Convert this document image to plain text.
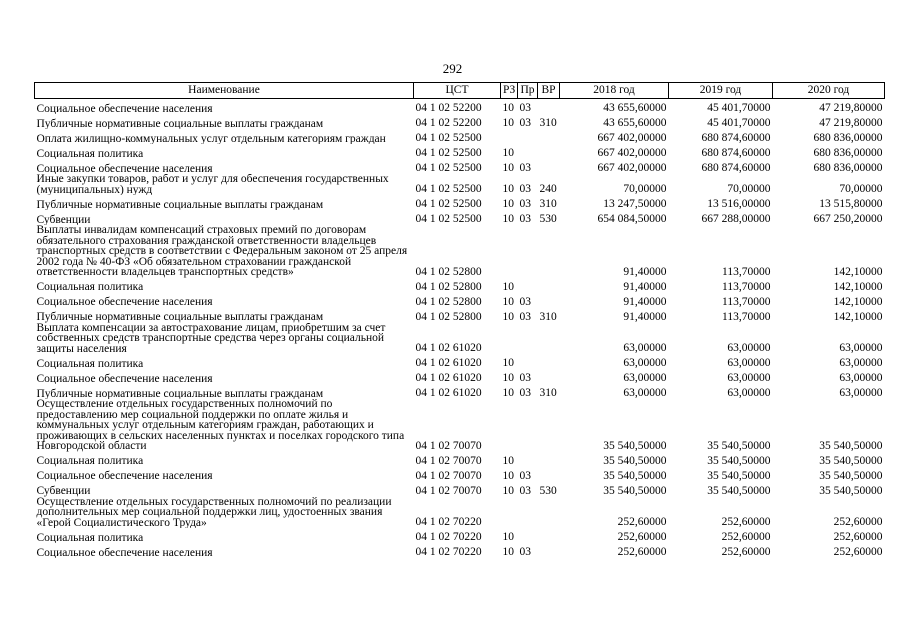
292
Наименование	ЦСТ	РЗ	Пр	ВР	2018 год	2019 год	2020 год
Социальное обеспечение населения	04 1 02 52200	10	03		43 655,60000	45 401,70000	47 219,80000
Публичные нормативные социальные выплаты гражданам	04 1 02 52200	10	03	310	43 655,60000	45 401,70000	47 219,80000
Оплата жилищно-коммунальных услуг отдельным категориям граждан	04 1 02 52500				667 402,00000	680 874,60000	680 836,00000
Социальная политика	04 1 02 52500	10			667 402,00000	680 874,60000	680 836,00000
Социальное обеспечение населения	04 1 02 52500	10	03		667 402,00000	680 874,60000	680 836,00000
Иные закупки товаров, работ и услуг для обеспечения государственных (муниципальных) нужд	04 1 02 52500	10	03	240	70,00000	70,00000	70,00000
Публичные нормативные социальные выплаты гражданам	04 1 02 52500	10	03	310	13 247,50000	13 516,00000	13 515,80000
Субвенции	04 1 02 52500	10	03	530	654 084,50000	667 288,00000	667 250,20000
Выплаты инвалидам компенсаций страховых премий по договорам обязательного страхования гражданской ответственности владельцев транспортных средств в соответствии с Федеральным законом от 25 апреля 2002 года № 40-ФЗ «Об обязательном страховании гражданской ответственности владельцев транспортных средств»	04 1 02 52800				91,40000	113,70000	142,10000
Социальная политика	04 1 02 52800	10			91,40000	113,70000	142,10000
Социальное обеспечение населения	04 1 02 52800	10	03		91,40000	113,70000	142,10000
Публичные нормативные социальные выплаты гражданам	04 1 02 52800	10	03	310	91,40000	113,70000	142,10000
Выплата компенсации за автострахование лицам, приобретшим за счет собственных средств транспортные средства через органы социальной защиты населения	04 1 02 61020				63,00000	63,00000	63,00000
Социальная политика	04 1 02 61020	10			63,00000	63,00000	63,00000
Социальное обеспечение населения	04 1 02 61020	10	03		63,00000	63,00000	63,00000
Публичные нормативные социальные выплаты гражданам	04 1 02 61020	10	03	310	63,00000	63,00000	63,00000
Осуществление отдельных государственных полномочий по предоставлению мер социальной поддержки по оплате жилья и коммунальных услуг отдельным категориям граждан, работающих и проживающих в сельских населенных пунктах и поселках городского типа Новгородской области	04 1 02 70070				35 540,50000	35 540,50000	35 540,50000
Социальная политика	04 1 02 70070	10			35 540,50000	35 540,50000	35 540,50000
Социальное обеспечение населения	04 1 02 70070	10	03		35 540,50000	35 540,50000	35 540,50000
Субвенции	04 1 02 70070	10	03	530	35 540,50000	35 540,50000	35 540,50000
Осуществление отдельных государственных полномочий по реализации дополнительных мер социальной поддержки лиц, удостоенных звания «Герой Социалистического Труда»	04 1 02 70220				252,60000	252,60000	252,60000
Социальная политика	04 1 02 70220	10			252,60000	252,60000	252,60000
Социальное обеспечение населения	04 1 02 70220	10	03		252,60000	252,60000	252,60000
